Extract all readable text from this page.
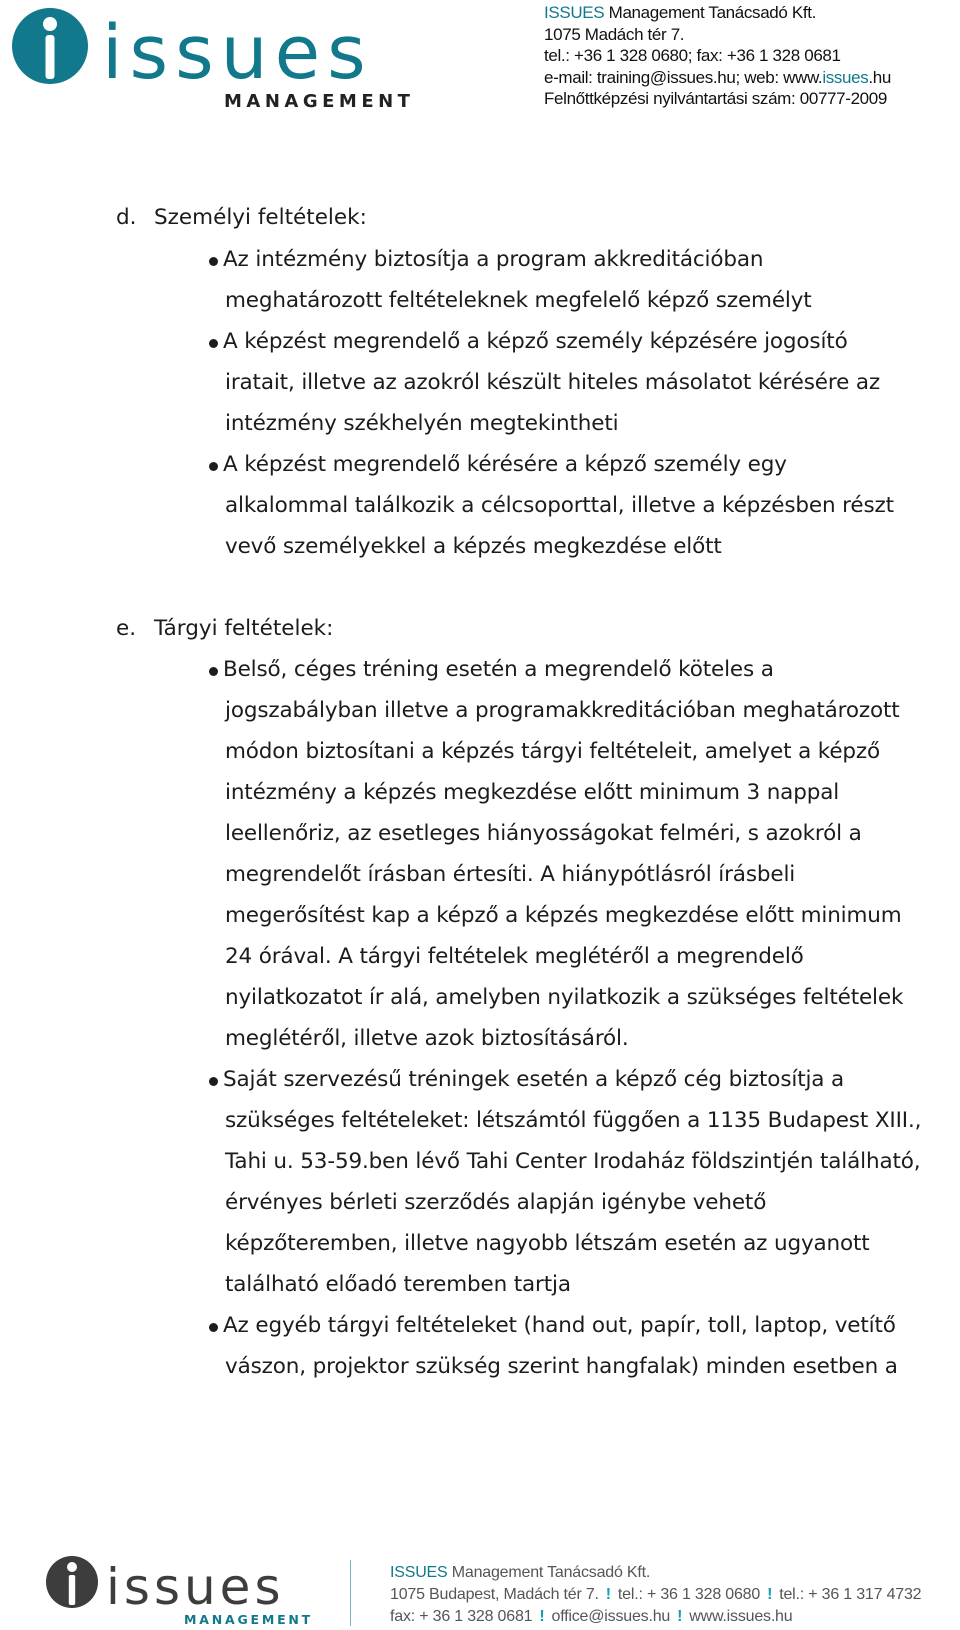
issues
MANAGEMENT
ISSUES Management Tanácsadó Kft.
1075 Madách tér 7.
tel.: +36 1 328 0680; fax: +36 1 328 0681
e-mail: training@issues.hu; web: www.issues.hu
Felnőttképzési nyilvántartási szám: 00777-2009
d. Személyi feltételek:
Az intézmény biztosítja a program akkreditációban
meghatározott feltételeknek megfelelő képző személyt
A képzést megrendelő a képző személy képzésére jogosító
iratait, illetve az azokról készült hiteles másolatot kérésére az
intézmény székhelyén megtekintheti
A képzést megrendelő kérésére a képző személy egy
alkalommal találkozik a célcsoporttal, illetve a képzésben részt
vevő személyekkel a képzés megkezdése előtt
e. Tárgyi feltételek:
Belső, céges tréning esetén a megrendelő köteles a
jogszabályban illetve a programakkreditációban meghatározott
módon biztosítani a képzés tárgyi feltételeit, amelyet a képző
intézmény a képzés megkezdése előtt minimum 3 nappal
leellenőriz, az esetleges hiányosságokat felméri, s azokról a
megrendelőt írásban értesíti. A hiánypótlásról írásbeli
megerősítést kap a képző a képzés megkezdése előtt minimum
24 órával. A tárgyi feltételek meglétéről a megrendelő
nyilatkozatot ír alá, amelyben nyilatkozik a szükséges feltételek
meglétéről, illetve azok biztosításáról.
Saját szervezésű tréningek esetén a képző cég biztosítja a
szükséges feltételeket: létszámtól függően a 1135 Budapest XIII.,
Tahi u. 53-59.ben lévő Tahi Center Irodaház földszintjén található,
érvényes bérleti szerződés alapján igénybe vehető
képzőteremben, illetve nagyobb létszám esetén az ugyanott
található előadó teremben tartja
Az egyéb tárgyi feltételeket (hand out, papír, toll, laptop, vetítő
vászon, projektor szükség szerint hangfalak) minden esetben a
issues
MANAGEMENT
ISSUES Management Tanácsadó Kft.
1075 Budapest, Madách tér 7. ! tel.: + 36 1 328 0680 ! tel.: + 36 1 317 4732
fax: + 36 1 328 0681 ! office@issues.hu ! www.issues.hu
